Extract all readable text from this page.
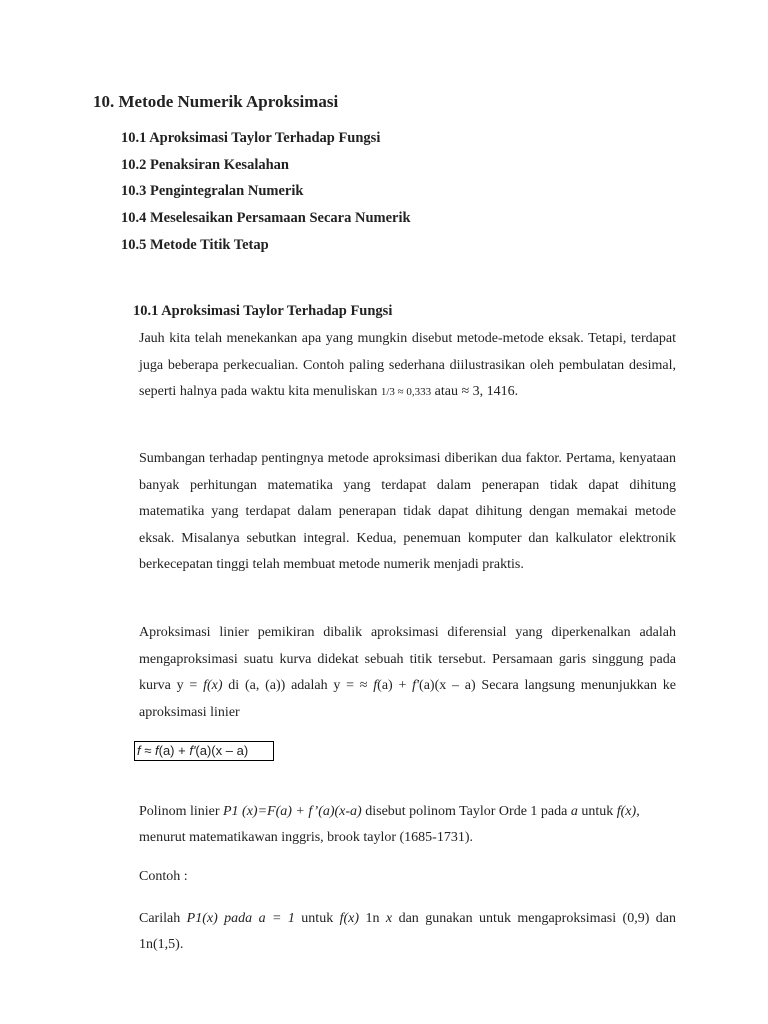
10. Metode Numerik Aproksimasi
10.1 Aproksimasi Taylor Terhadap Fungsi
10.2 Penaksiran Kesalahan
10.3 Pengintegralan Numerik
10.4 Meselesaikan Persamaan Secara Numerik
10.5 Metode Titik Tetap
10.1 Aproksimasi Taylor Terhadap Fungsi

Jauh kita telah menekankan apa yang mungkin disebut metode-metode eksak. Tetapi, terdapat juga beberapa perkecualian. Contoh paling sederhana diilustrasikan oleh pembulatan desimal, seperti halnya pada waktu kita menuliskan 1/3 ≈ 0,333 atau ≈ 3, 1416.

Sumbangan terhadap pentingnya metode aproksimasi diberikan dua faktor. Pertama, kenyataan banyak perhitungan matematika yang terdapat dalam penerapan tidak dapat dihitung matematika yang terdapat dalam penerapan tidak dapat dihitung dengan memakai metode eksak. Misalanya sebutkan integral. Kedua, penemuan komputer dan kalkulator elektronik berkecepatan tinggi telah membuat metode numerik menjadi praktis.

Aproksimasi linier pemikiran dibalik aproksimasi diferensial yang diperkenalkan adalah mengaproksimasi suatu kurva didekat sebuah titik tersebut. Persamaan garis singgung pada kurva y = f(x) di (a, (a)) adalah y = ≈ f(a) + f'(a)(x – a) Secara langsung menunjukkan ke aproksimasi linier

f ≈ f(a) + f'(a)(x – a)

Polinom linier P1 (x)=F(a) + f’(a)(x-a) disebut polinom Taylor Orde 1 pada a untuk f(x), menurut matematikawan inggris, brook taylor (1685-1731).

Contoh :

Carilah P1(x) pada a = 1 untuk f(x) 1n x dan gunakan untuk mengaproksimasi (0,9) dan 1n(1,5).
